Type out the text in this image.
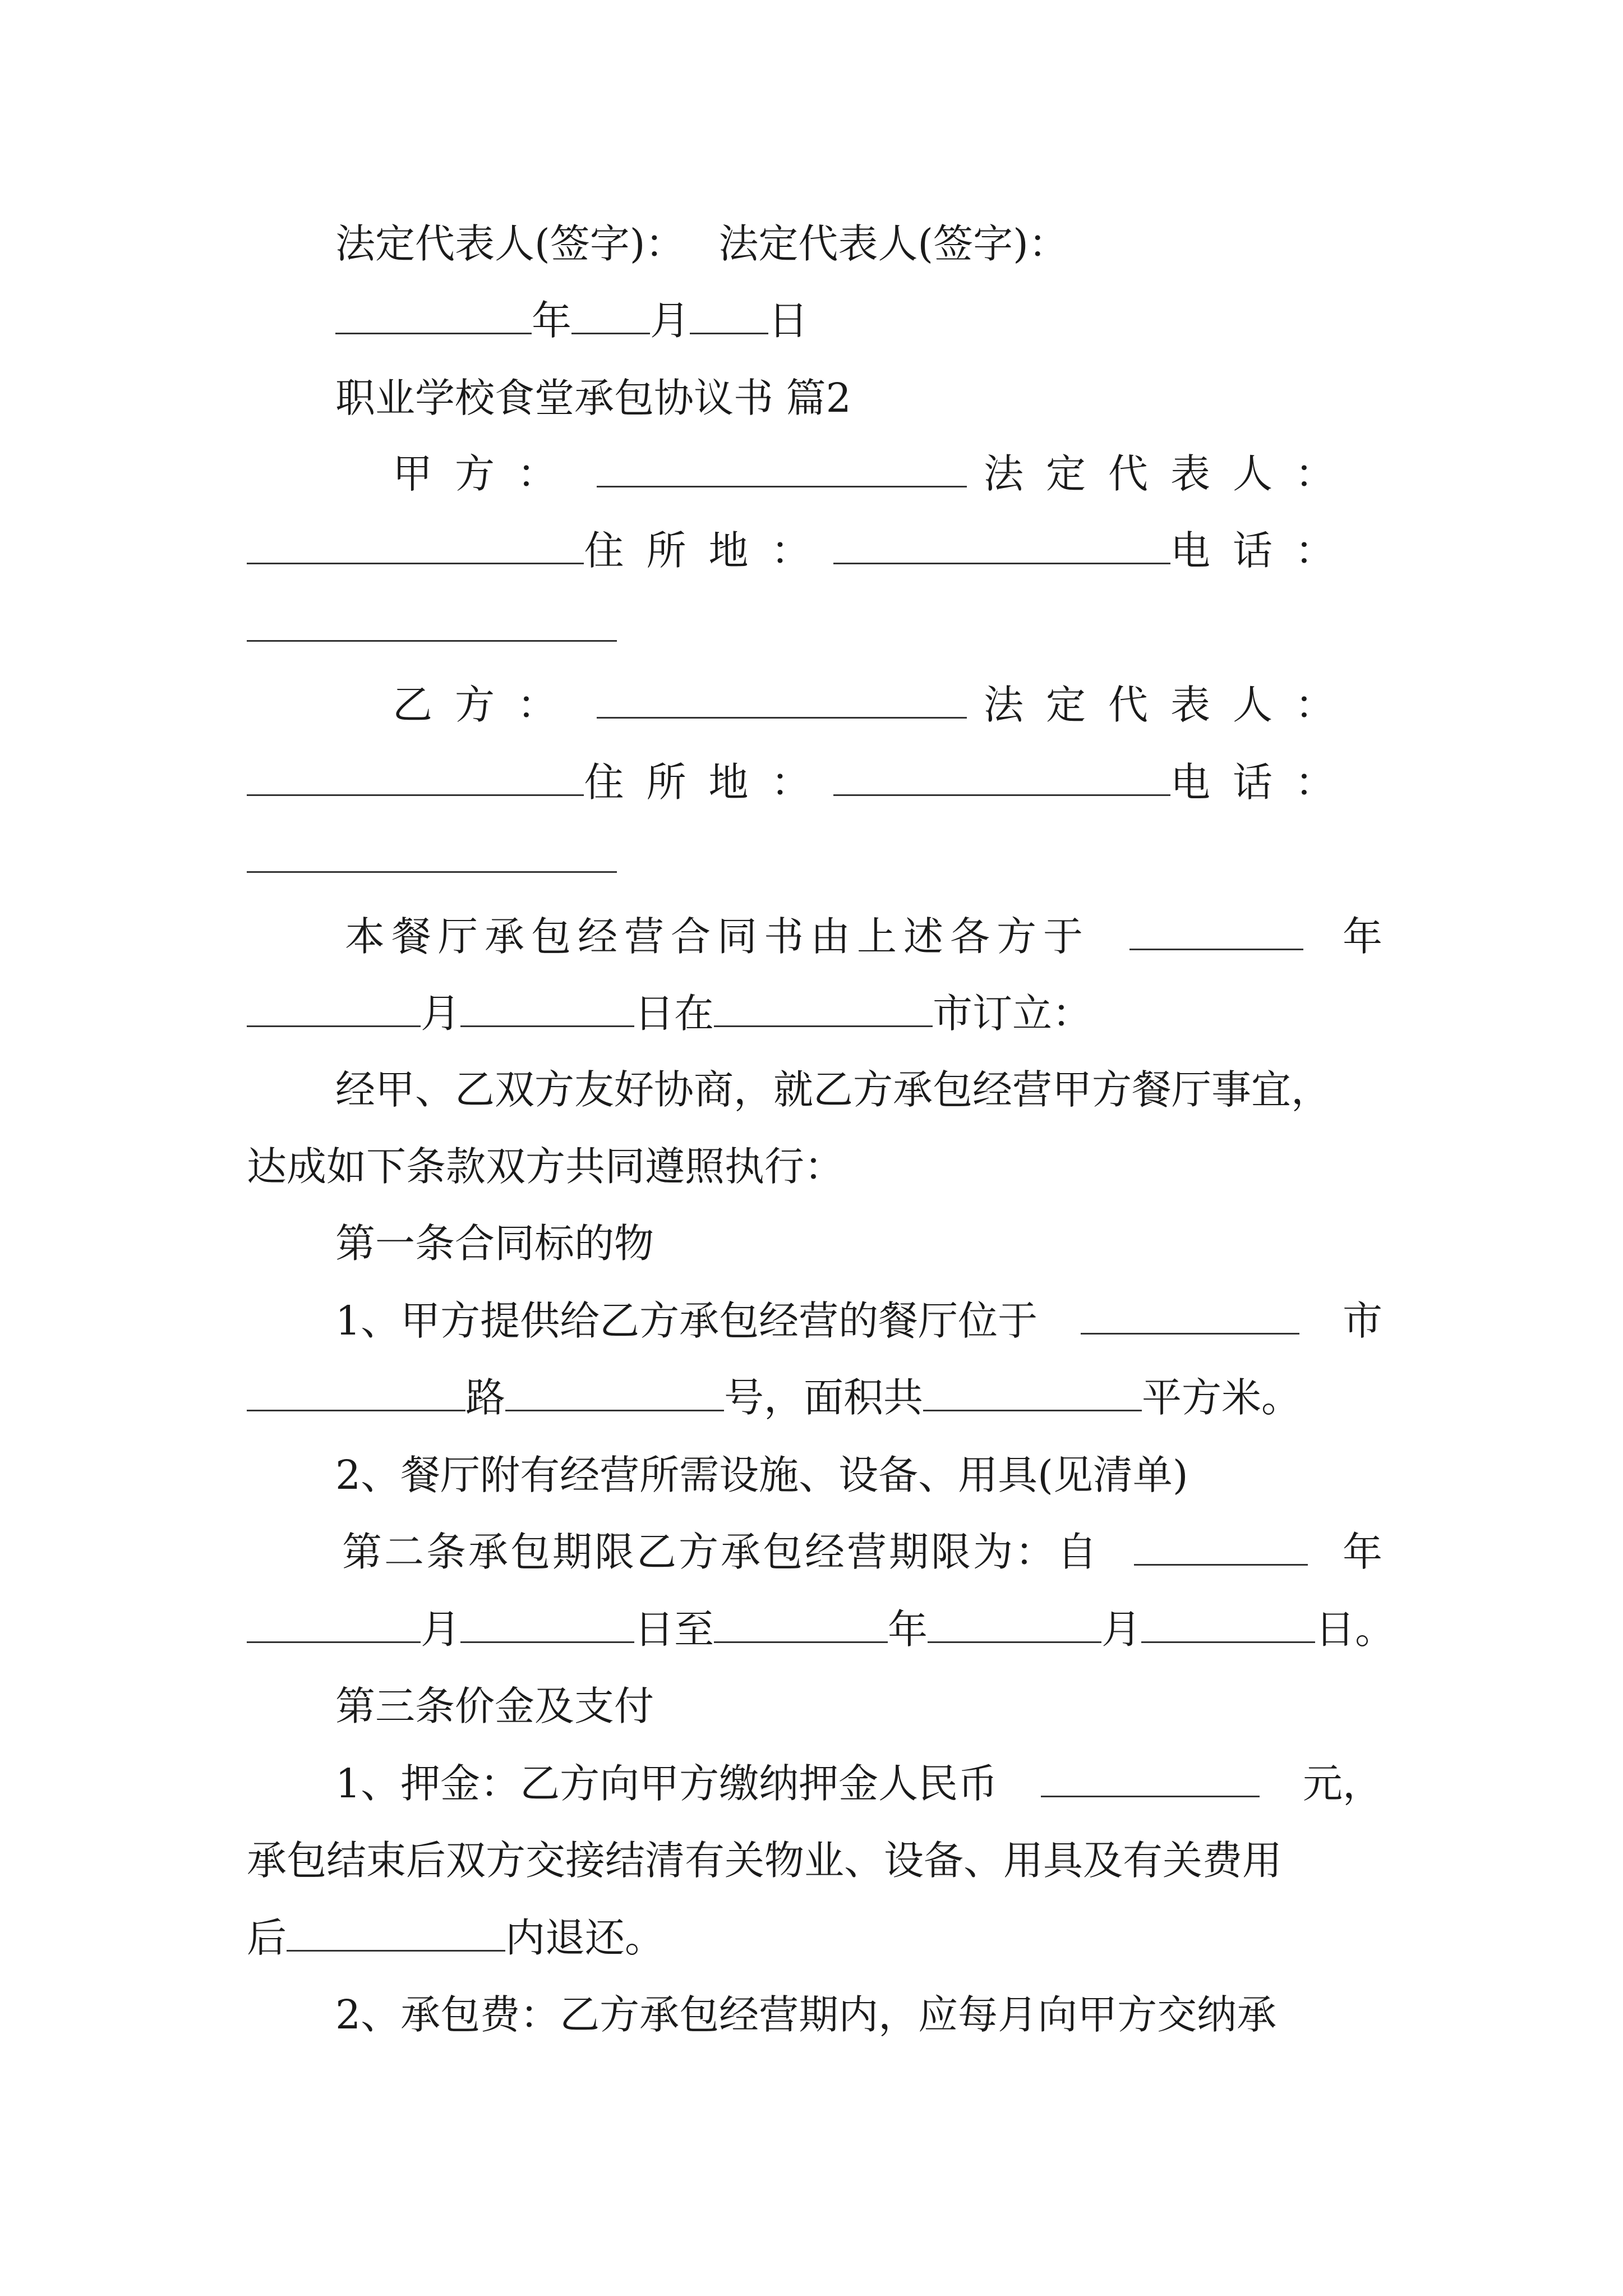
法定代表人(签字)： 法定代表人(签字)：
年 月 日
职业学校食堂承包协议书 篇2
甲方：	法定代表人：
住所地：	电话：
乙方：	法定代表人：
住所地：	电话：
本餐厅承包经营合同书由上述各方于	年
月	日在	市订立：
经甲、乙双方友好协商，就乙方承包经营甲方餐厅事宜，
达成如下条款双方共同遵照执行：
第一条合同标的物
1、甲方提供给乙方承包经营的餐厅位于	市
路	号，面积共	平方米。
2、餐厅附有经营所需设施、设备、用具(见清单)
第二条承包期限乙方承包经营期限为：自	年
月	日至	年	月	日。
第三条价金及支付
1、押金：乙方向甲方缴纳押金人民币	元，
承包结束后双方交接结清有关物业、设备、用具及有关费用
后	内退还。
2、承包费：乙方承包经营期内，应每月向甲方交纳承
